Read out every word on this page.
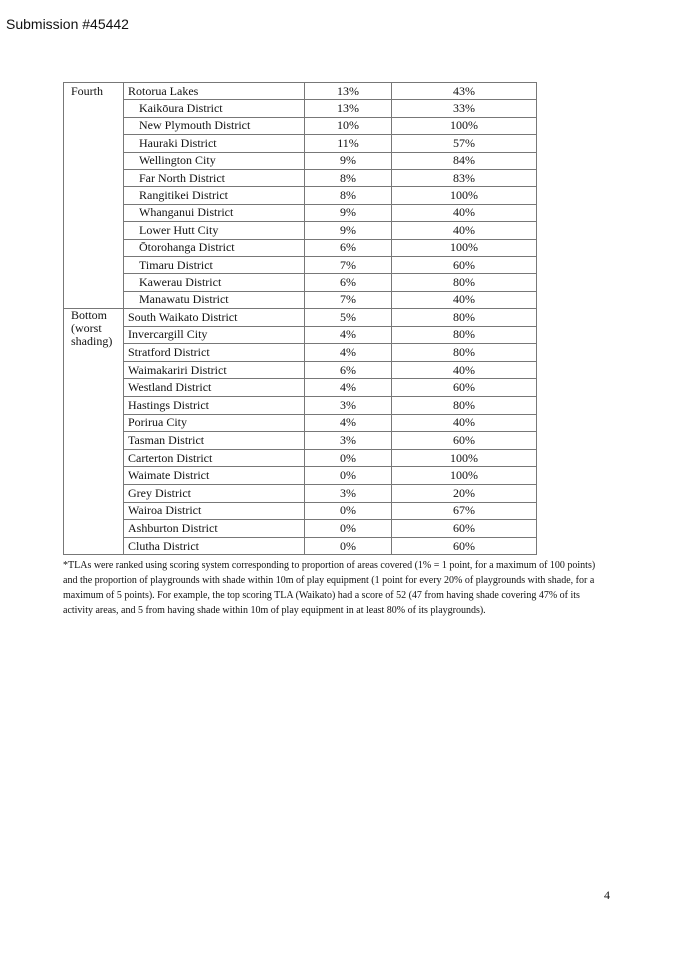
Submission #45442
Fourth	Rotorua Lakes	13%	43%
	Kaikōura District	13%	33%
	New Plymouth District	10%	100%
	Hauraki District	11%	57%
	Wellington City	9%	84%
	Far North District	8%	83%
	Rangitikei District	8%	100%
	Whanganui District	9%	40%
	Lower Hutt City	9%	40%
	Ōtorohanga District	6%	100%
	Timaru District	7%	60%
	Kawerau District	6%	80%
	Manawatu District	7%	40%
Bottom (worst shading)	South Waikato District	5%	80%
	Invercargill City	4%	80%
	Stratford District	4%	80%
	Waimakariri District	6%	40%
	Westland District	4%	60%
	Hastings District	3%	80%
	Porirua City	4%	40%
	Tasman District	3%	60%
	Carterton District	0%	100%
	Waimate District	0%	100%
	Grey District	3%	20%
	Wairoa District	0%	67%
	Ashburton District	0%	60%
	Clutha District	0%	60%
*TLAs were ranked using scoring system corresponding to proportion of areas covered (1% = 1 point, for a maximum of 100 points) and the proportion of playgrounds with shade within 10m of play equipment (1 point for every 20% of playgrounds with shade, for a maximum of 5 points). For example, the top scoring TLA (Waikato) had a score of 52 (47 from having shade covering 47% of its activity areas, and 5 from having shade within 10m of play equipment in at least 80% of its playgrounds).
4
